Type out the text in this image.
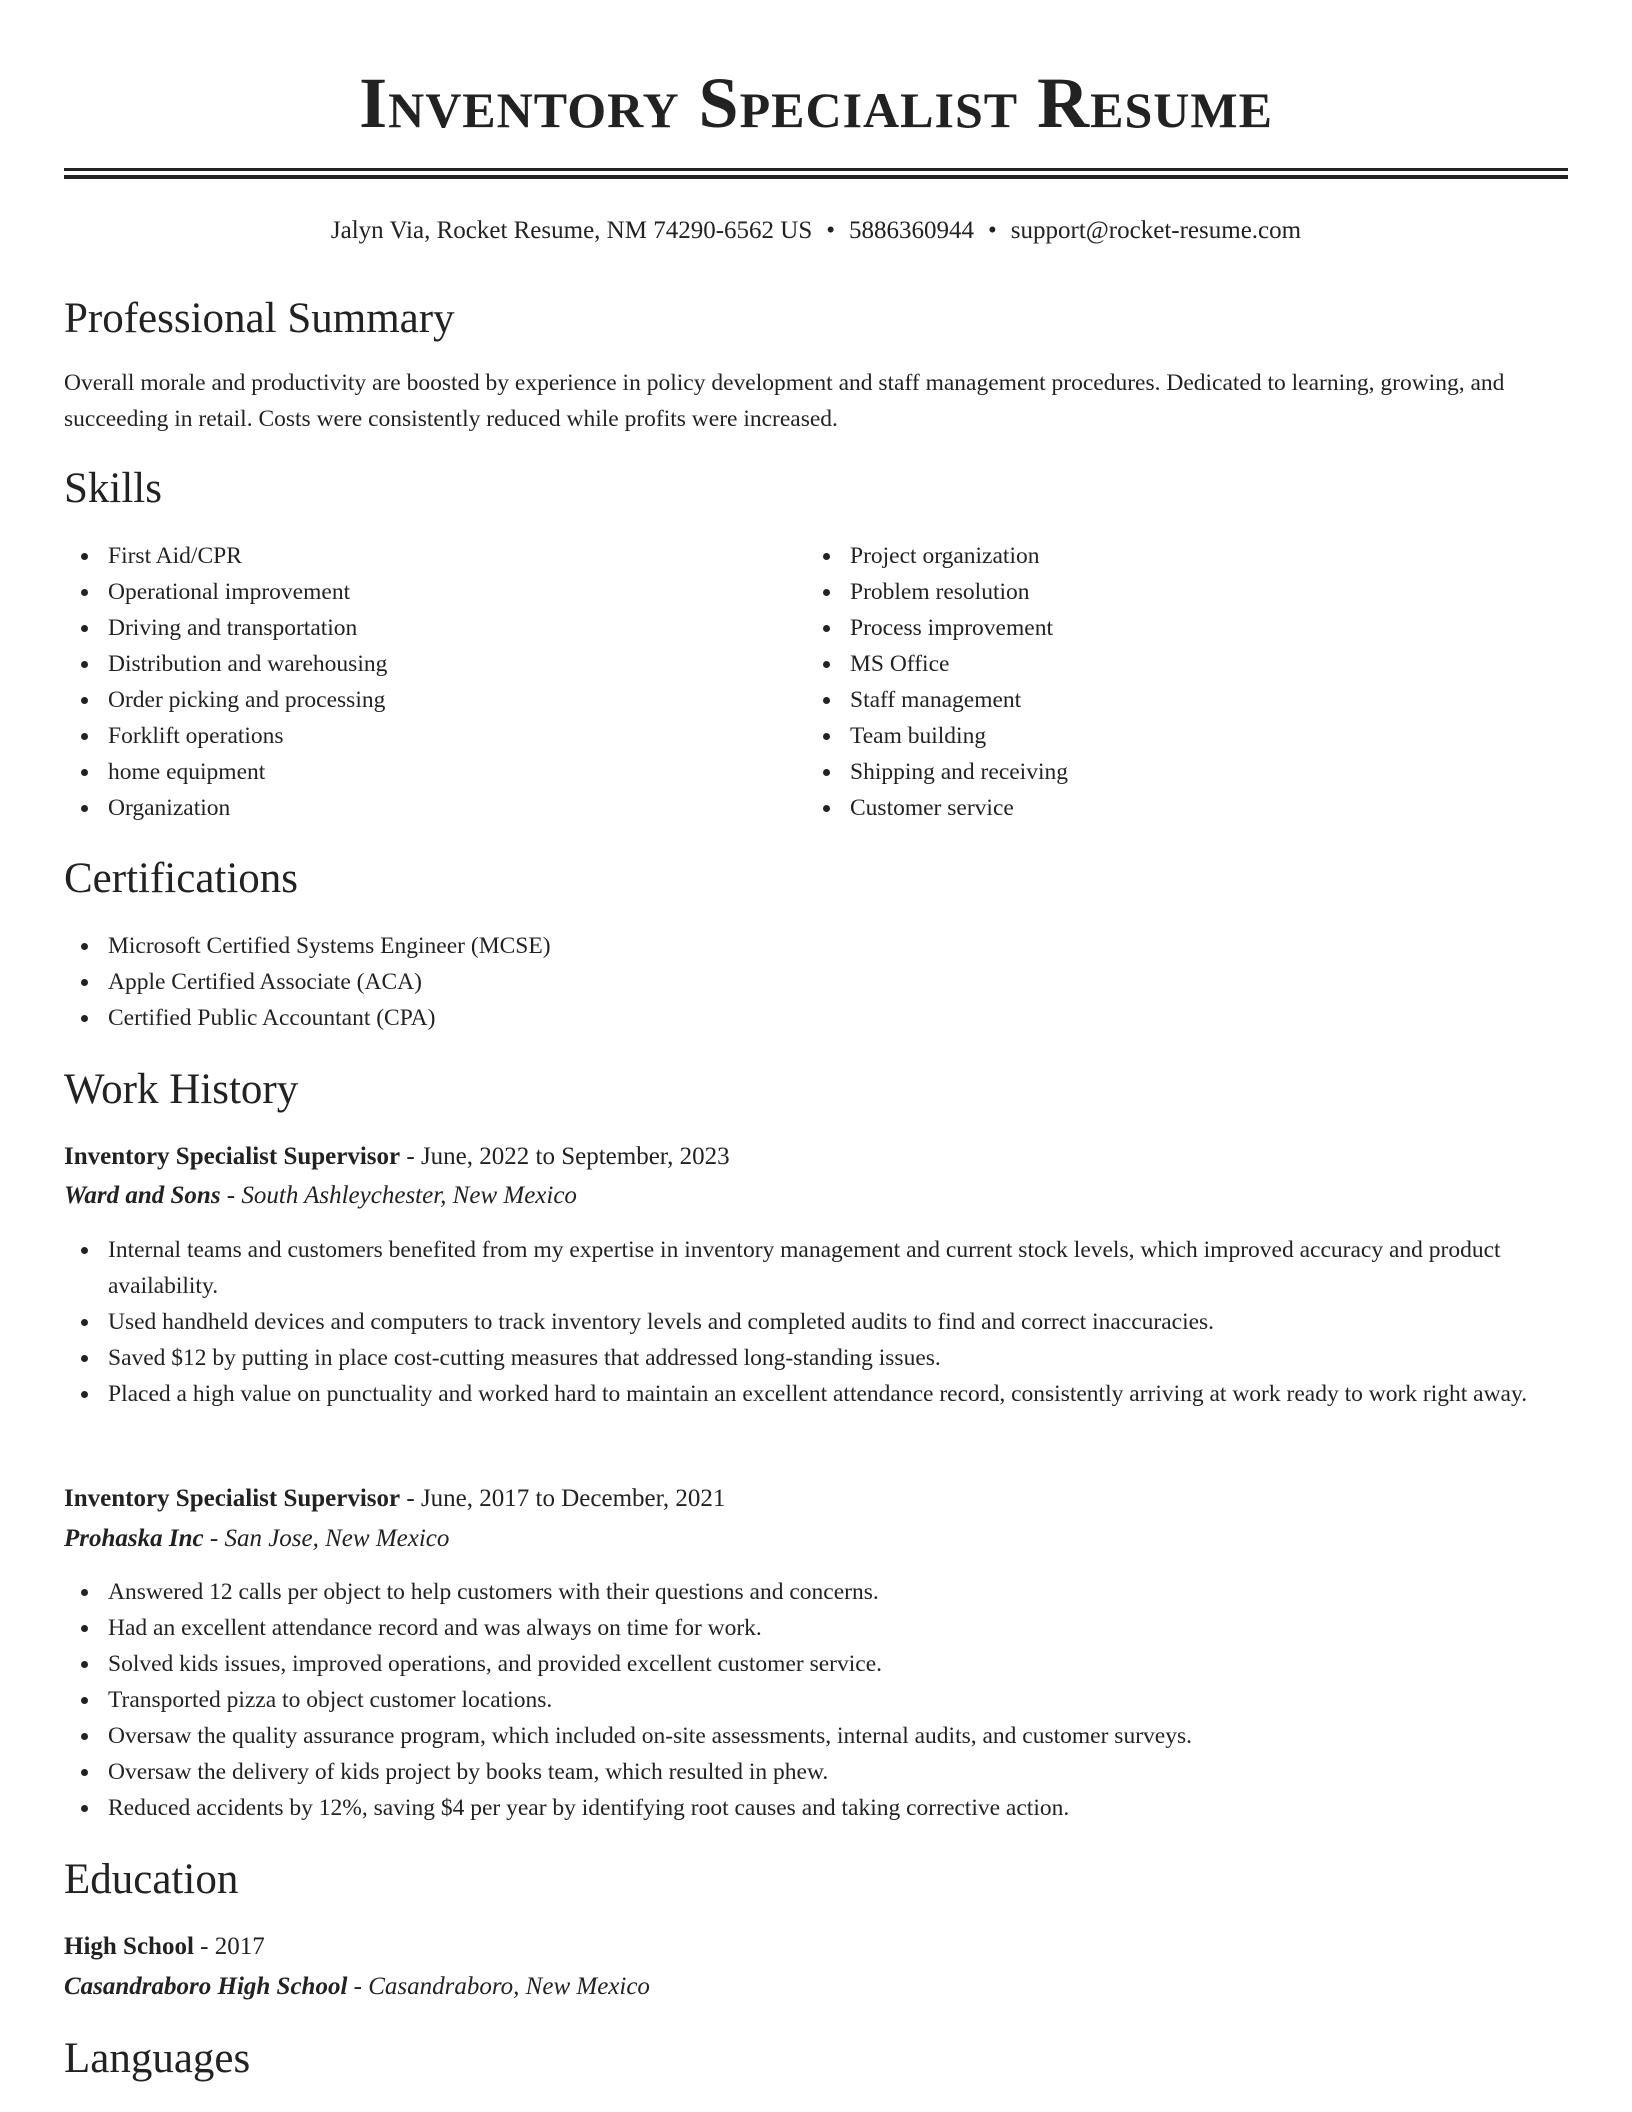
Inventory Specialist Resume
Jalyn Via, Rocket Resume, NM 74290-6562 US • 5886360944 • support@rocket-resume.com
Professional Summary

Overall morale and productivity are boosted by experience in policy development and staff management procedures. Dedicated to learning, growing, and succeeding in retail. Costs were consistently reduced while profits were increased.

Skills
First Aid/CPR
Operational improvement
Driving and transportation
Distribution and warehousing
Order picking and processing
Forklift operations
home equipment
Organization
Project organization
Problem resolution
Process improvement
MS Office
Staff management
Team building
Shipping and receiving
Customer service
Certifications
Microsoft Certified Systems Engineer (MCSE)
Apple Certified Associate (ACA)
Certified Public Accountant (CPA)
Work History
Inventory Specialist Supervisor - June, 2022 to September, 2023
Ward and Sons - South Ashleychester, New Mexico
Internal teams and customers benefited from my expertise in inventory management and current stock levels, which improved accuracy and product availability.
Used handheld devices and computers to track inventory levels and completed audits to find and correct inaccuracies.
Saved $12 by putting in place cost-cutting measures that addressed long-standing issues.
Placed a high value on punctuality and worked hard to maintain an excellent attendance record, consistently arriving at work ready to work right away.
Inventory Specialist Supervisor - June, 2017 to December, 2021
Prohaska Inc - San Jose, New Mexico
Answered 12 calls per object to help customers with their questions and concerns.
Had an excellent attendance record and was always on time for work.
Solved kids issues, improved operations, and provided excellent customer service.
Transported pizza to object customer locations.
Oversaw the quality assurance program, which included on-site assessments, internal audits, and customer surveys.
Oversaw the delivery of kids project by books team, which resulted in phew.
Reduced accidents by 12%, saving $4 per year by identifying root causes and taking corrective action.
Education
High School - 2017
Casandraboro High School - Casandraboro, New Mexico
Languages
